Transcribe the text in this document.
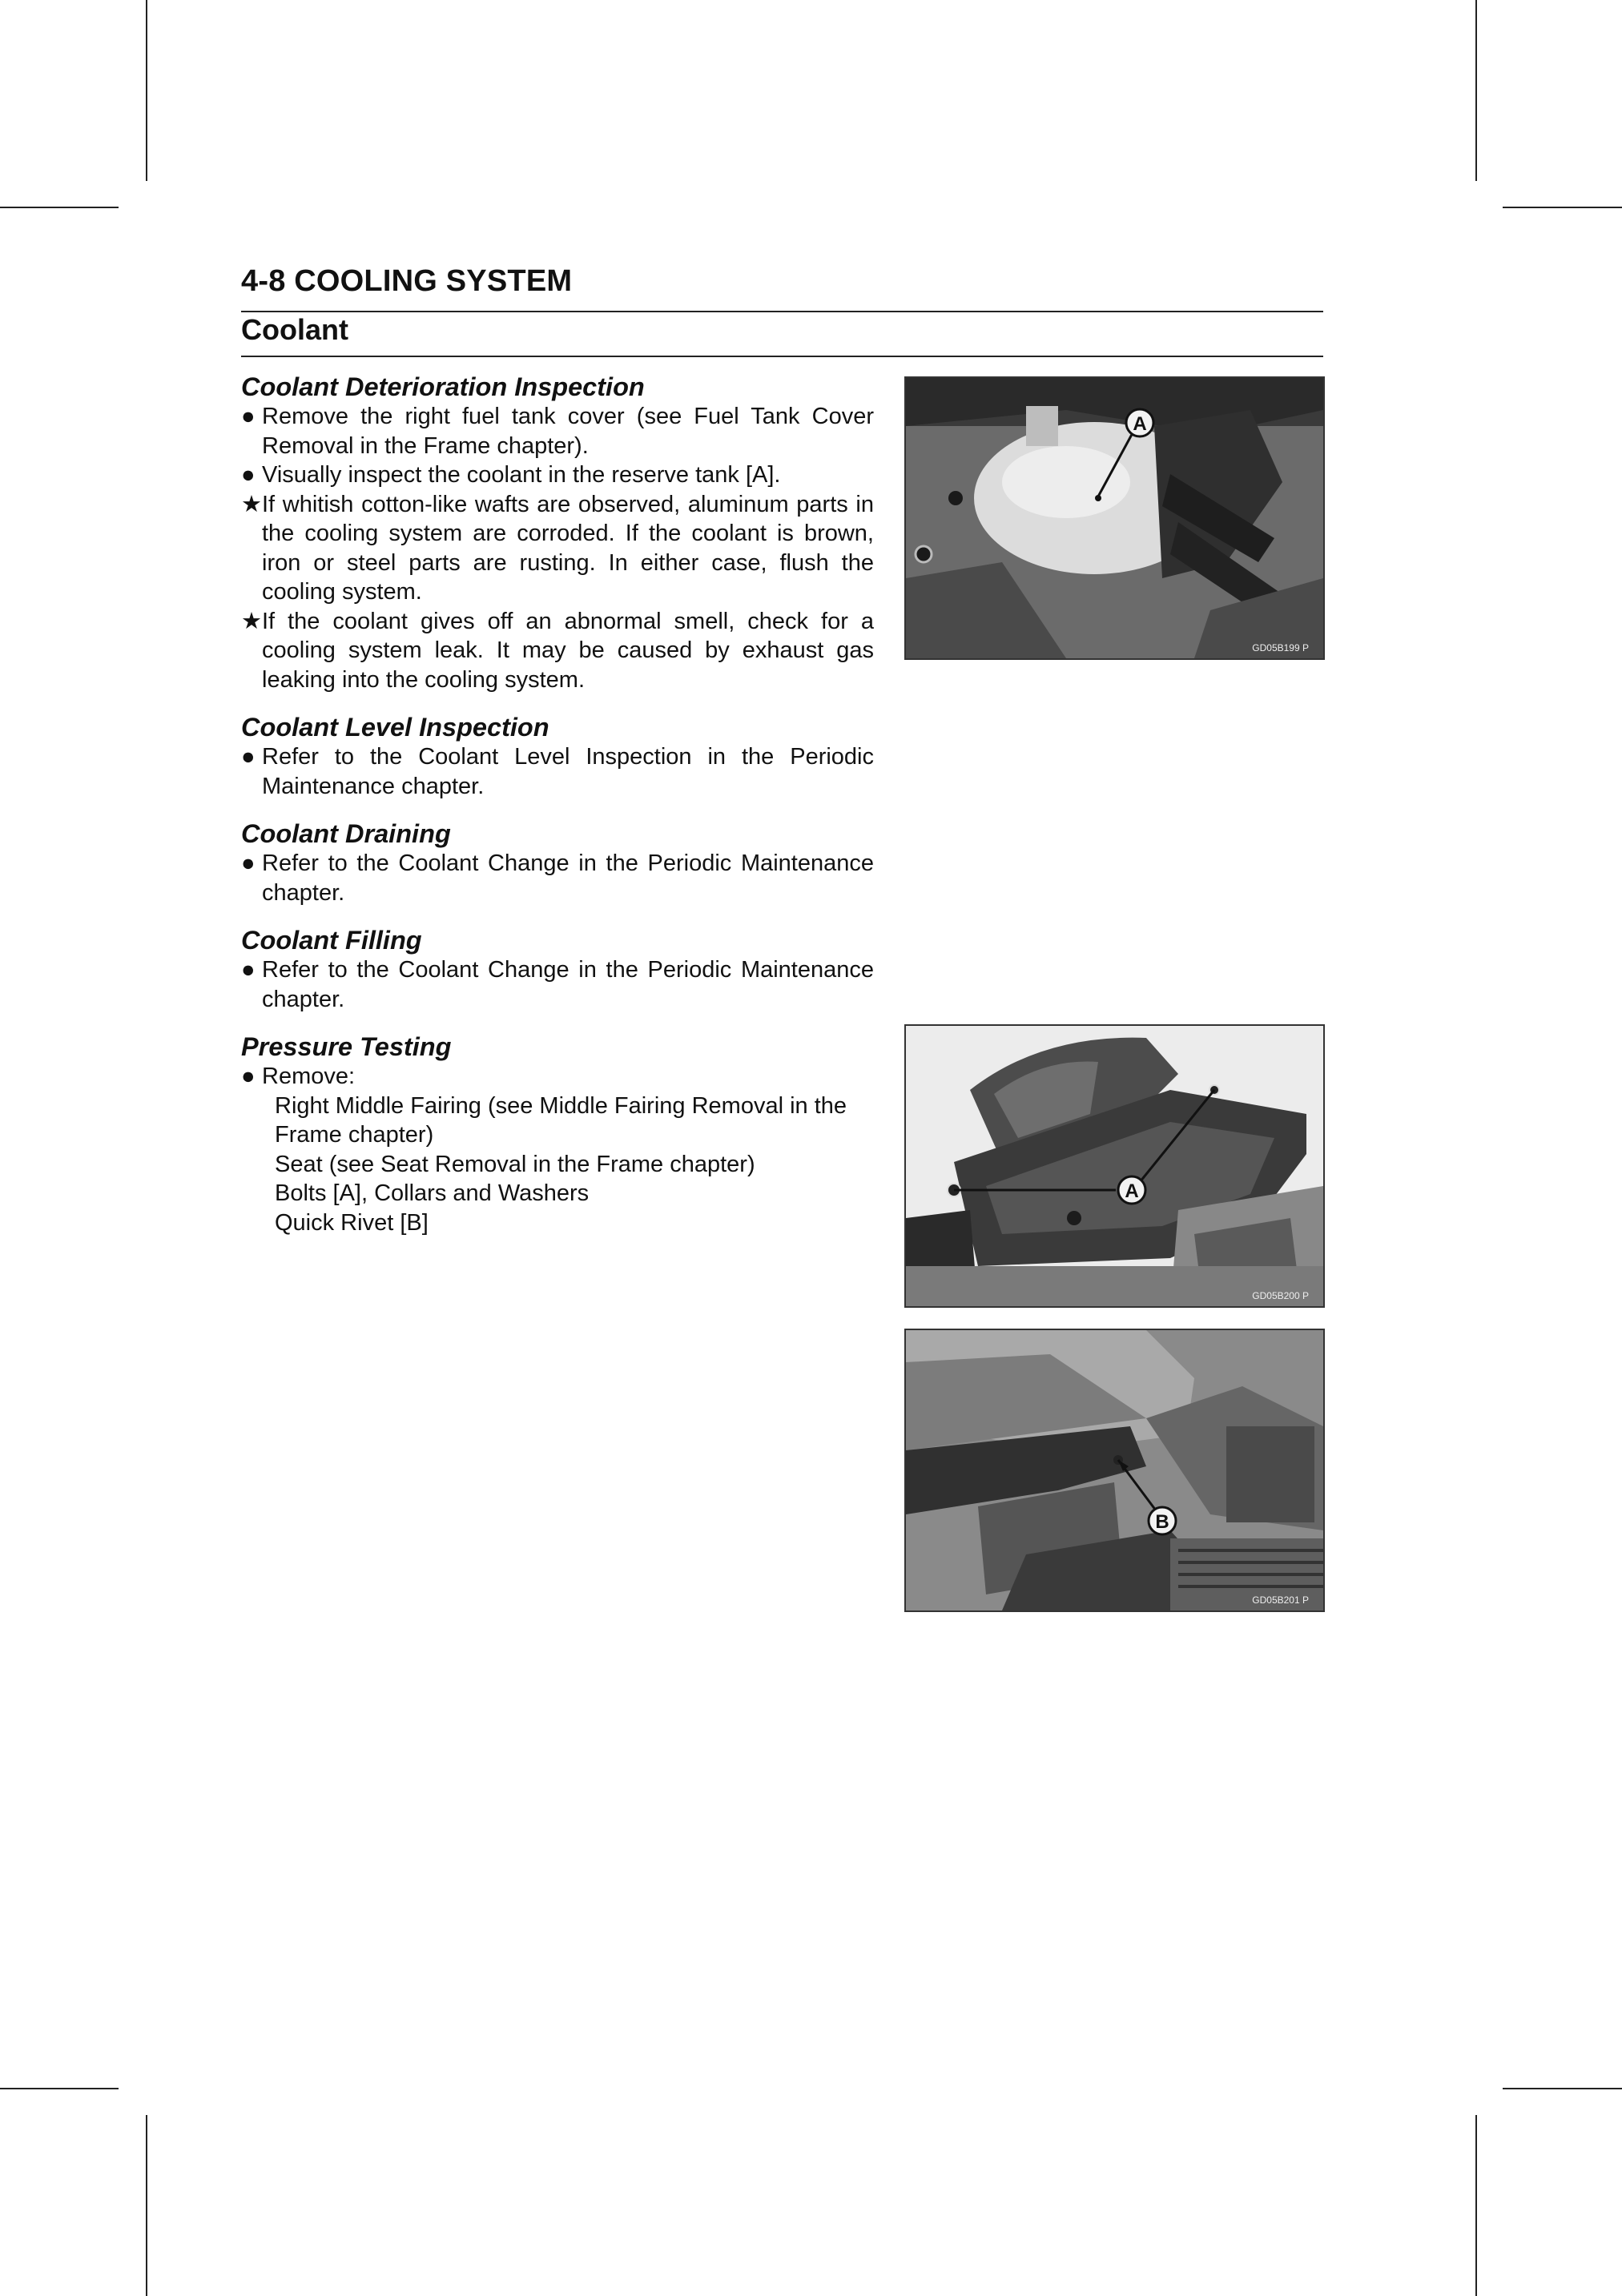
4-8 COOLING SYSTEM
Coolant
Coolant Deterioration Inspection
● Remove the right fuel tank cover (see Fuel Tank Cover Removal in the Frame chapter).
● Visually inspect the coolant in the reserve tank [A].
★ If whitish cotton-like wafts are observed, aluminum parts in the cooling system are corroded. If the coolant is brown, iron or steel parts are rusting. In either case, flush the cooling system.
★ If the coolant gives off an abnormal smell, check for a cooling system leak. It may be caused by exhaust gas leaking into the cooling system.
Coolant Level Inspection
● Refer to the Coolant Level Inspection in the Periodic Maintenance chapter.
Coolant Draining
● Refer to the Coolant Change in the Periodic Maintenance chapter.
Coolant Filling
● Refer to the Coolant Change in the Periodic Maintenance chapter.
Pressure Testing
● Remove:
Right Middle Fairing (see Middle Fairing Removal in the Frame chapter)
Seat (see Seat Removal in the Frame chapter)
Bolts [A], Collars and Washers
Quick Rivet [B]
A
GD05B199 P
A
GD05B200 P
B
GD05B201 P
